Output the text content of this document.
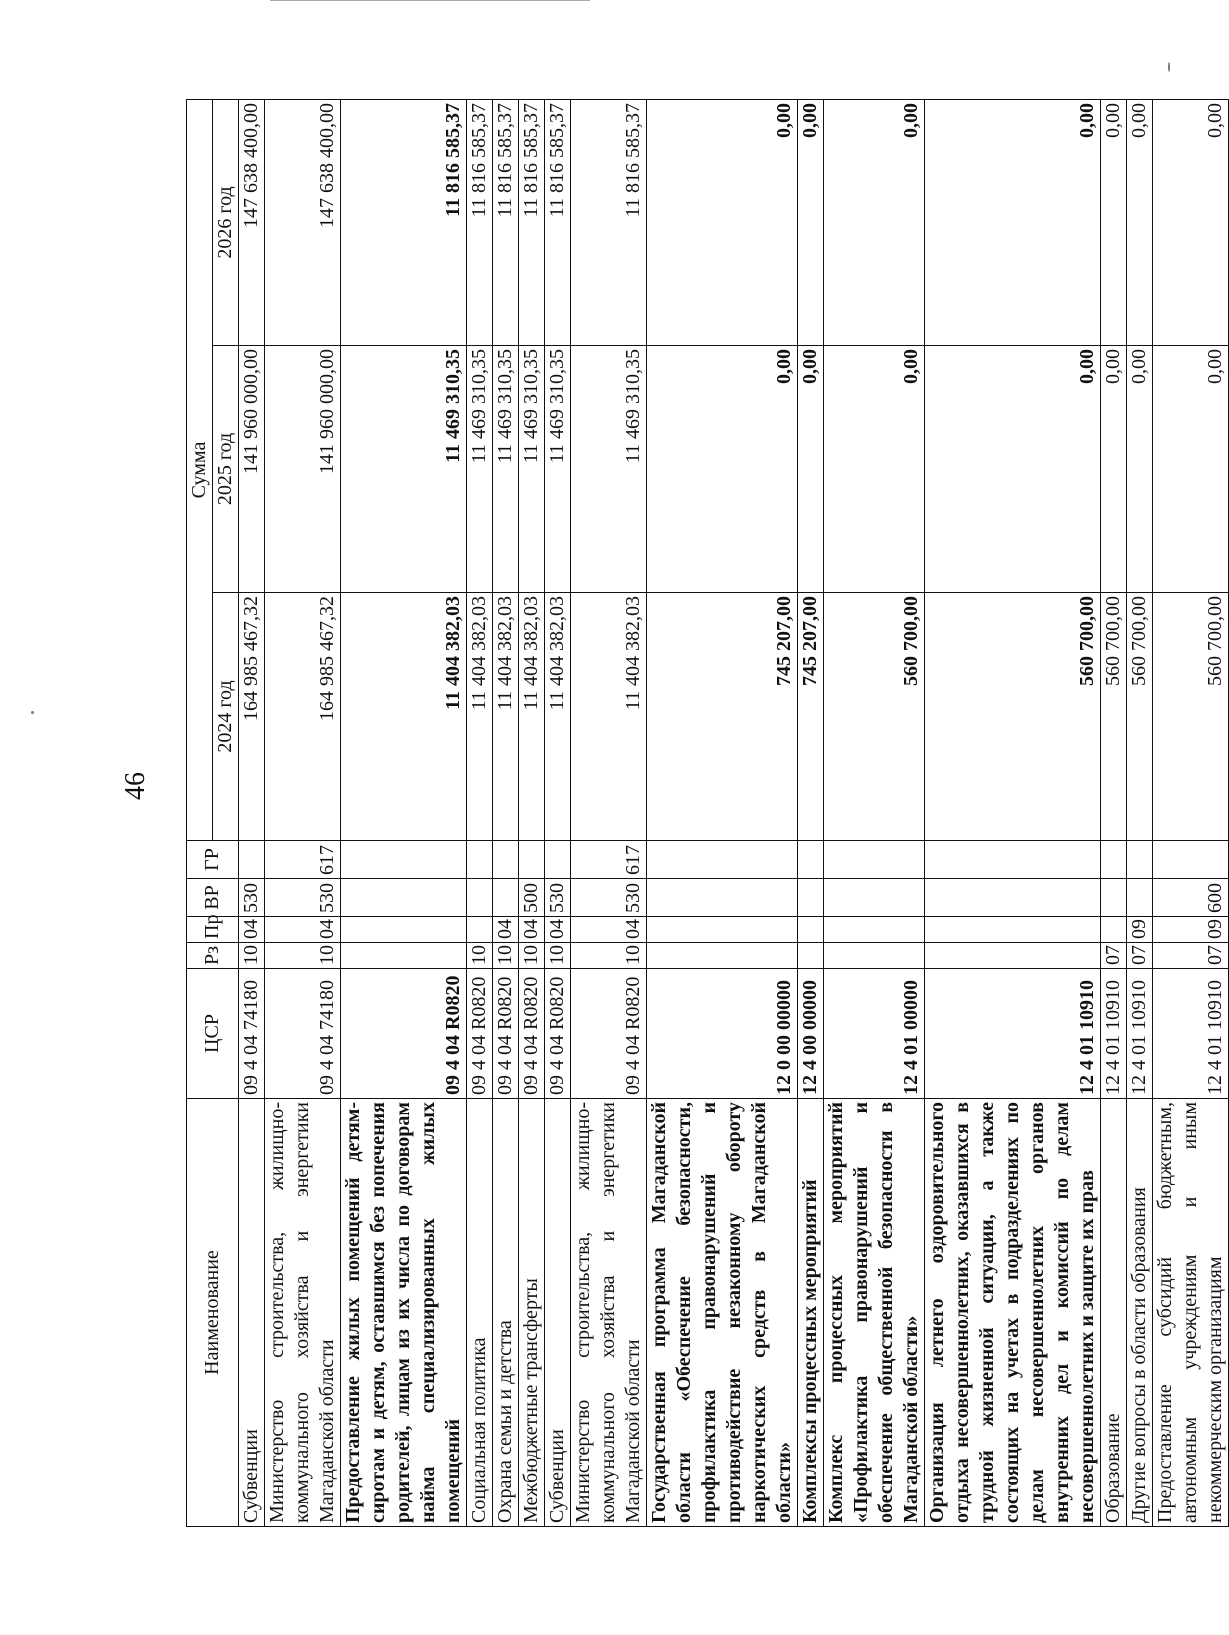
46
Наименование	ЦСР	Рз	Пр	ВР	ГР	Сумма		
						2024 год	2025 год	2026 год
Субвенции	09 4 04 74180	10	04	530		164 985 467,32	141 960 000,00	147 638 400,00
Министерство строительства, жилищно-коммунального хозяйства и энергетики Магаданской области	09 4 04 74180	10	04	530	617	164 985 467,32	141 960 000,00	147 638 400,00
Предоставление жилых помещений детям-сиротам и детям, оставшимся без попечения родителей, лицам из их числа по договорам найма специализированных жилых помещений	09 4 04 R0820					11 404 382,03	11 469 310,35	11 816 585,37
Социальная политика	09 4 04 R0820	10				11 404 382,03	11 469 310,35	11 816 585,37
Охрана семьи и детства	09 4 04 R0820	10	04			11 404 382,03	11 469 310,35	11 816 585,37
Межбюджетные трансферты	09 4 04 R0820	10	04	500		11 404 382,03	11 469 310,35	11 816 585,37
Субвенции	09 4 04 R0820	10	04	530		11 404 382,03	11 469 310,35	11 816 585,37
Министерство строительства, жилищно-коммунального хозяйства и энергетики Магаданской области	09 4 04 R0820	10	04	530	617	11 404 382,03	11 469 310,35	11 816 585,37
Государственная программа Магаданской области «Обеспечение безопасности, профилактика правонарушений и противодействие незаконному обороту наркотических средств в Магаданской области»	12 0 00 00000					745 207,00	0,00	0,00
Комплексы процессных мероприятий	12 4 00 00000					745 207,00	0,00	0,00
Комплекс процессных мероприятий «Профилактика правонарушений и обеспечение общественной безопасности в Магаданской области»	12 4 01 00000					560 700,00	0,00	0,00
Организация летнего оздоровительного отдыха несовершеннолетних, оказавшихся в трудной жизненной ситуации, а также состоящих на учетах в подразделениях по делам несовершеннолетних органов внутренних дел и комиссий по делам несовершеннолетних и защите их прав	12 4 01 10910					560 700,00	0,00	0,00
Образование	12 4 01 10910	07				560 700,00	0,00	0,00
Другие вопросы в области образования	12 4 01 10910	07	09			560 700,00	0,00	0,00
Предоставление субсидий бюджетным, автономным учреждениям и иным некоммерческим организациям	12 4 01 10910	07	09	600		560 700,00	0,00	0,00
